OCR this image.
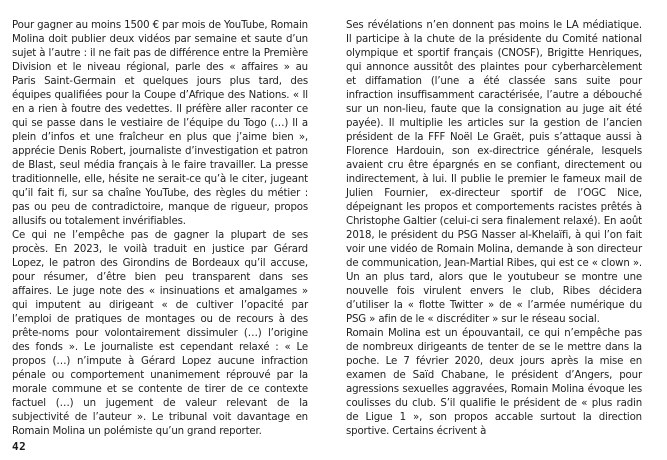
Pour gagner au moins 1500 € par mois de YouTube, Romain Molina doit publier deux vidéos par semaine et saute d’un sujet à l’autre : il ne fait pas de différence entre la Première Division et le niveau régional, parle des « affaires » au Paris Saint-Germain et quelques jours plus tard, des équipes qualifiées pour la Coupe d’Afrique des Nations. « Il en a rien à foutre des vedettes. Il préfère aller raconter ce qui se passe dans le vestiaire de l’équipe du Togo (…) Il a plein d’infos et une fraîcheur en plus que j’aime bien », apprécie Denis Robert, journaliste d’investigation et patron de Blast, seul média français à le faire travailler. La presse traditionnelle, elle, hésite ne serait-ce qu’à le citer, jugeant qu’il fait fi, sur sa chaîne YouTube, des règles du métier : pas ou peu de contradictoire, manque de rigueur, propos allusifs ou totalement invérifiables.

Ce qui ne l’empêche pas de gagner la plupart de ses procès. En 2023, le voilà traduit en justice par Gérard Lopez, le patron des Girondins de Bordeaux qu’il accuse, pour résumer, d’être bien peu transparent dans ses affaires. Le juge note des « insinuations et amalgames » qui imputent au dirigeant « de cultiver l’opacité par l’emploi de pratiques de montages ou de recours à des prête-noms pour volontairement dissimuler (…) l’origine des fonds ». Le journaliste est cependant relaxé : « Le propos (…) n’impute à Gérard Lopez aucune infraction pénale ou comportement unanimement réprouvé par la morale commune et se contente de tirer de ce contexte factuel (…) un jugement de valeur relevant de la subjectivité de l’auteur ». Le tribunal voit davantage en Romain Molina un polémiste qu’un grand reporter.

Ses révélations n’en donnent pas moins le LA médiatique. Il participe à la chute de la présidente du Comité national olympique et sportif français (CNOSF), Brigitte Henriques, qui annonce aussitôt des plaintes pour cyberharcèlement et diffamation (l’une a été classée sans suite pour infraction insuffisamment caractérisée, l’autre a débouché sur un non-lieu, faute que la consignation au juge ait été payée). Il multiplie les articles sur la gestion de l’ancien président de la FFF Noël Le Graët, puis s’attaque aussi à Florence Hardouin, son ex-directrice générale, lesquels avaient cru être épargnés en se confiant, directement ou indirectement, à lui. Il publie le premier le fameux mail de Julien Fournier, ex-directeur sportif de l’OGC Nice, dépeignant les propos et comportements racistes prêtés à Christophe Galtier (celui-ci sera finalement relaxé). En août 2018, le président du PSG Nasser al-Khelaïfi, à qui l’on fait voir une vidéo de Romain Molina, demande à son directeur de communication, Jean-Martial Ribes, qui est ce « clown ». Un an plus tard, alors que le youtubeur se montre une nouvelle fois virulent envers le club, Ribes décidera d’utiliser la « flotte Twitter » de « l’armée numérique du PSG » afin de le « discréditer » sur le réseau social.

Romain Molina est un épouvantail, ce qui n’empêche pas de nombreux dirigeants de tenter de se le mettre dans la poche. Le 7 février 2020, deux jours après la mise en examen de Saïd Chabane, le président d’Angers, pour agressions sexuelles aggravées, Romain Molina évoque les coulisses du club. S’il qualifie le président de « plus radin de Ligue 1 », son propos accable surtout la direction sportive. Certains écrivent à

42
